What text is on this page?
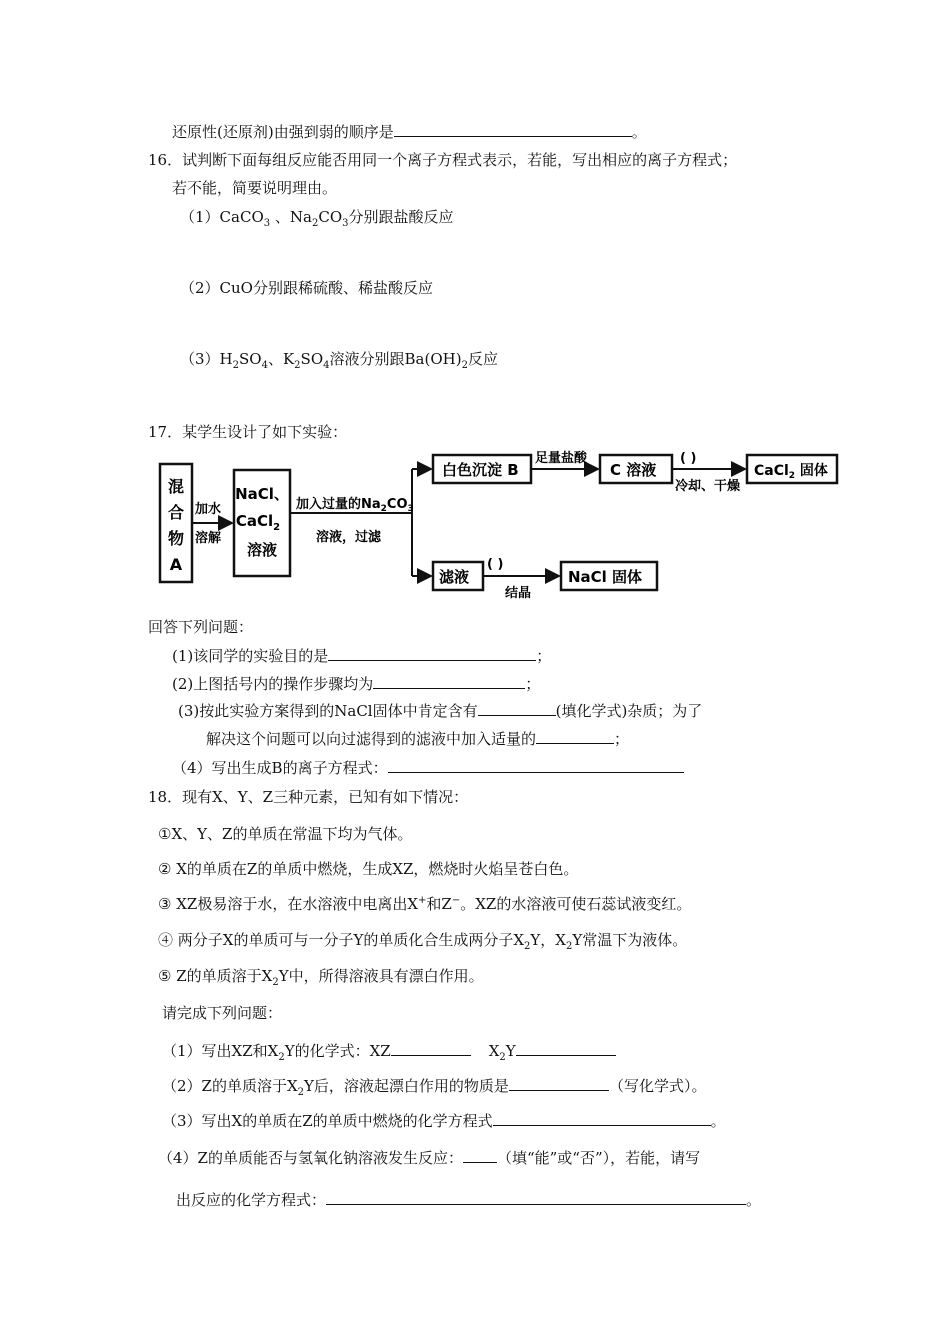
还原性(还原剂)由强到弱的顺序是	。
16．试判断下面每组反应能否用同一个离子方程式表示，若能，写出相应的离子方程式；
若不能，简要说明理由。
（1）CaCO$_3$ 、$Na_2CO_3$分别跟盐酸反应
（2）CuO分别跟稀硫酸、稀盐酸反应
$(3)H_2SO_4$、$K_2SO_4$溶液分别跟$Ba(OH)_2$反应
17．某学生设计了如下实验：
混
合
物
A
加水
溶解
NaCl、
CaCl$_2$
溶液
加入过量的$Na_2CO_3$
溶液，过滤
白色沉淀 B
足量盐酸
C 溶液
( )
冷却、干燥
CaCl$_2$ 固体
滤液
( )
结晶
NaCl 固体
回答下列问题：
(1)该同学的实验目的是	；
(2)上图括号内的操作步骤均为	；
(3)按此实验方案得到的NaCl固体中肯定含有	(填化学式)杂质；为了
解决这个问题可以向过滤得到的滤液中加入适量的	；
（4）写出生成B的离子方程式：
18．现有X、Y、Z三种元素，已知有如下情况：
①X、Y、Z的单质在常温下均为气体。
② X的单质在Z的单质中燃烧，生成XZ，燃烧时火焰呈苍白色。
③ XZ极易溶于水，在水溶液中电离出X+和Z−。XZ的水溶液可使石蕊试液变红。
④ 两分子X的单质可与一分子Y的单质化合生成两分子$X_2Y$，$X_2Y$常温下为液体。
⑤ Z的单质溶于$X_2Y$中，所得溶液具有漂白作用。
请完成下列问题：
（1）写出XZ和$X_2Y$的化学式：XZ	$X_2Y$
（2）Z的单质溶于$X_2Y$后，溶液起漂白作用的物质是	（写化学式）。
（3）写出X的单质在Z的单质中燃烧的化学方程式	。
（4）Z的单质能否与氢氧化钠溶液发生反应： （填“能”或“否”），若能，请写
出反应的化学方程式：	。
